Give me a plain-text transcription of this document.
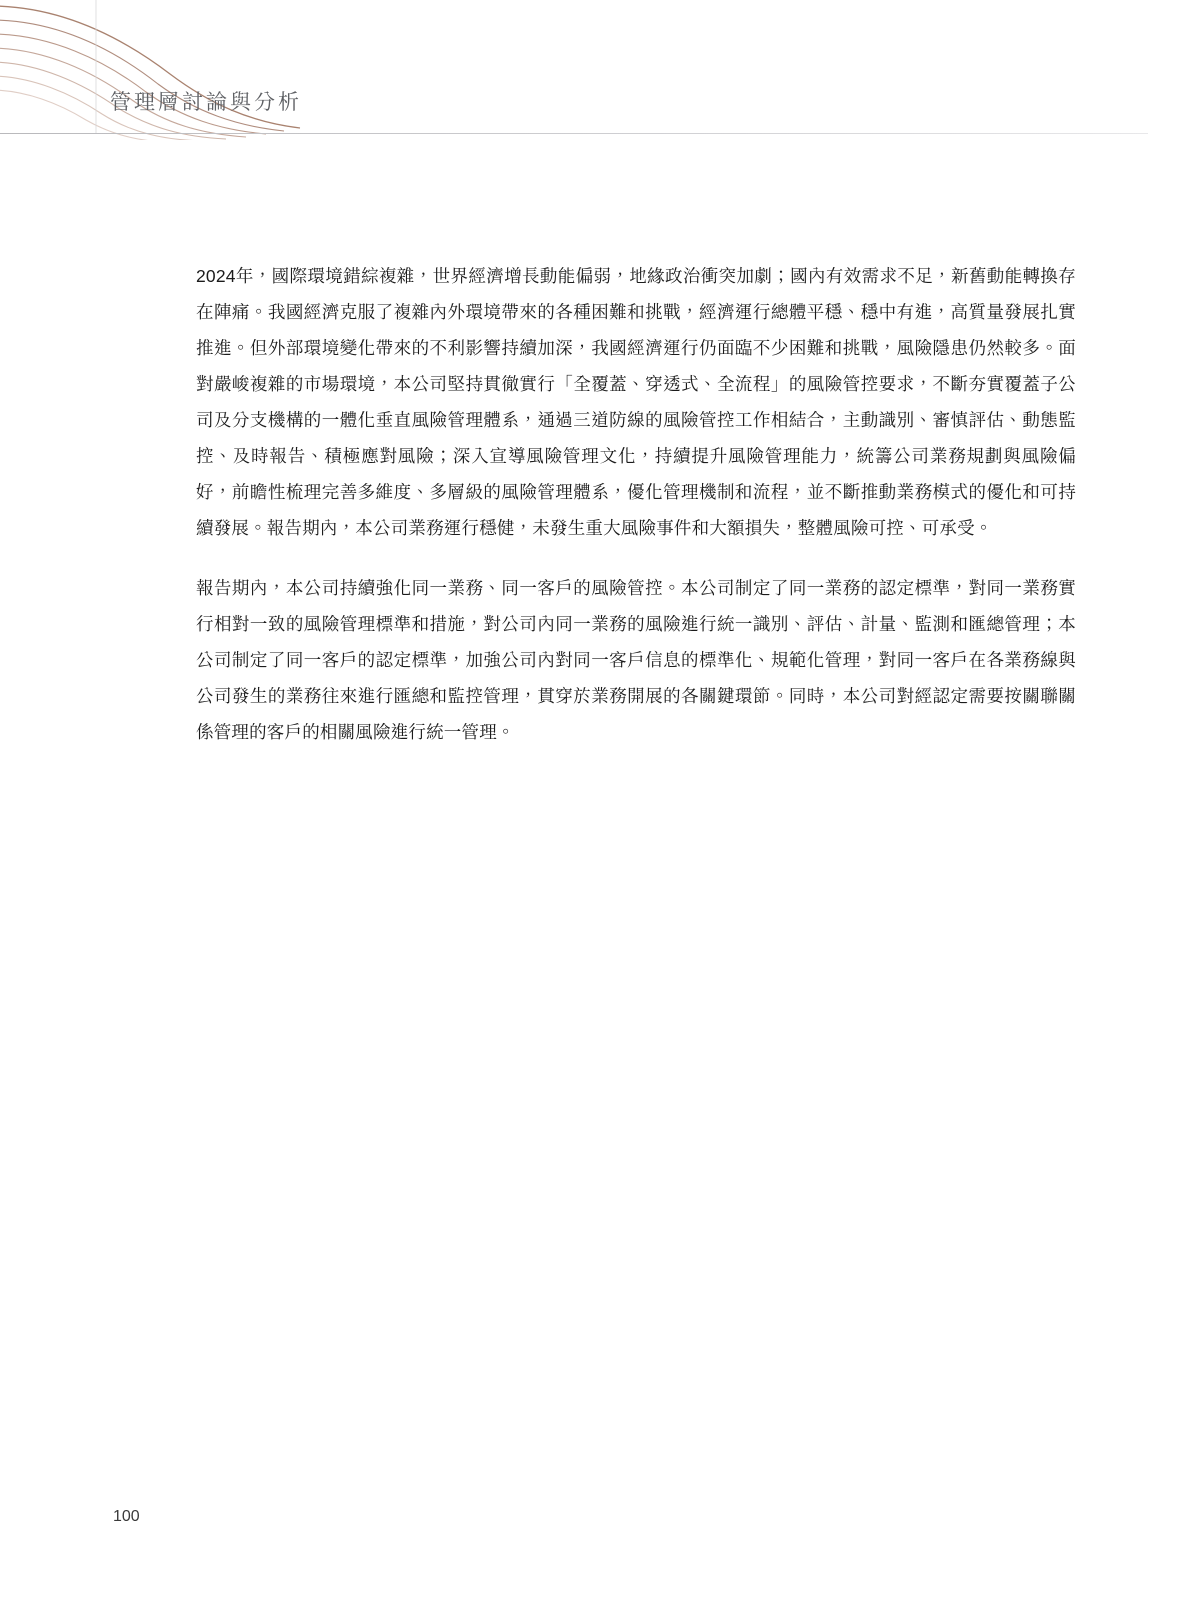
管理層討論與分析

2024年，國際環境錯綜複雜，世界經濟增長動能偏弱，地緣政治衝突加劇；國內有效需求不足，新舊動能轉換存在陣痛。我國經濟克服了複雜內外環境帶來的各種困難和挑戰，經濟運行總體平穩、穩中有進，高質量發展扎實推進。但外部環境變化帶來的不利影響持續加深，我國經濟運行仍面臨不少困難和挑戰，風險隱患仍然較多。面對嚴峻複雜的市場環境，本公司堅持貫徹實行「全覆蓋、穿透式、全流程」的風險管控要求，不斷夯實覆蓋子公司及分支機構的一體化垂直風險管理體系，通過三道防線的風險管控工作相結合，主動識別、審慎評估、動態監控、及時報告、積極應對風險；深入宣導風險管理文化，持續提升風險管理能力，統籌公司業務規劃與風險偏好，前瞻性梳理完善多維度、多層級的風險管理體系，優化管理機制和流程，並不斷推動業務模式的優化和可持續發展。報告期內，本公司業務運行穩健，未發生重大風險事件和大額損失，整體風險可控、可承受。

報告期內，本公司持續強化同一業務、同一客戶的風險管控。本公司制定了同一業務的認定標準，對同一業務實行相對一致的風險管理標準和措施，對公司內同一業務的風險進行統一識別、評估、計量、監測和匯總管理；本公司制定了同一客戶的認定標準，加強公司內對同一客戶信息的標準化、規範化管理，對同一客戶在各業務線與公司發生的業務往來進行匯總和監控管理，貫穿於業務開展的各關鍵環節。同時，本公司對經認定需要按關聯關係管理的客戶的相關風險進行統一管理。

100
